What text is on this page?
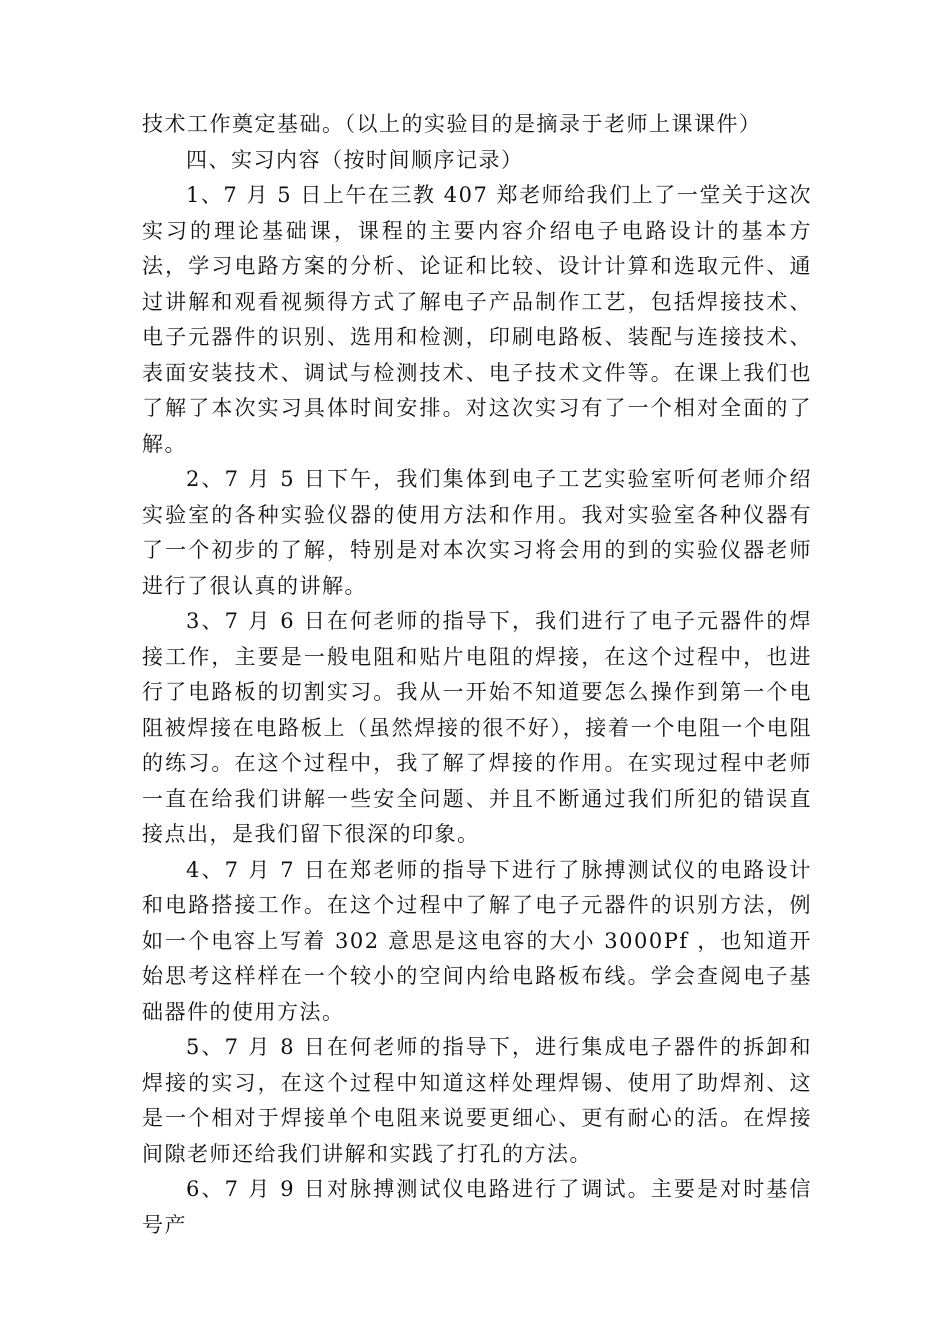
技术工作奠定基础。（以上的实验目的是摘录于老师上课课件）

四、实习内容（按时间顺序记录）

1、7 月 5 日上午在三教 407 郑老师给我们上了一堂关于这次实习的理论基础课，课程的主要内容介绍电子电路设计的基本方法，学习电路方案的分析、论证和比较、设计计算和选取元件、通过讲解和观看视频得方式了解电子产品制作工艺，包括焊接技术、电子元器件的识别、选用和检测，印刷电路板、装配与连接技术、表面安装技术、调试与检测技术、电子技术文件等。在课上我们也了解了本次实习具体时间安排。对这次实习有了一个相对全面的了解。

2、7 月 5 日下午，我们集体到电子工艺实验室听何老师介绍实验室的各种实验仪器的使用方法和作用。我对实验室各种仪器有了一个初步的了解，特别是对本次实习将会用的到的实验仪器老师进行了很认真的讲解。

3、7 月 6 日在何老师的指导下，我们进行了电子元器件的焊接工作，主要是一般电阻和贴片电阻的焊接，在这个过程中，也进行了电路板的切割实习。我从一开始不知道要怎么操作到第一个电阻被焊接在电路板上（虽然焊接的很不好），接着一个电阻一个电阻的练习。在这个过程中，我了解了焊接的作用。在实现过程中老师一直在给我们讲解一些安全问题、并且不断通过我们所犯的错误直接点出，是我们留下很深的印象。

4、7 月 7 日在郑老师的指导下进行了脉搏测试仪的电路设计和电路搭接工作。在这个过程中了解了电子元器件的识别方法，例如一个电容上写着 302 意思是这电容的大小 3000Pf ，也知道开始思考这样样在一个较小的空间内给电路板布线。学会查阅电子基础器件的使用方法。

5、7 月 8 日在何老师的指导下，进行集成电子器件的拆卸和焊接的实习，在这个过程中知道这样处理焊锡、使用了助焊剂、这是一个相对于焊接单个电阻来说要更细心、更有耐心的活。在焊接间隙老师还给我们讲解和实践了打孔的方法。

6、7 月 9 日对脉搏测试仪电路进行了调试。主要是对时基信号产
